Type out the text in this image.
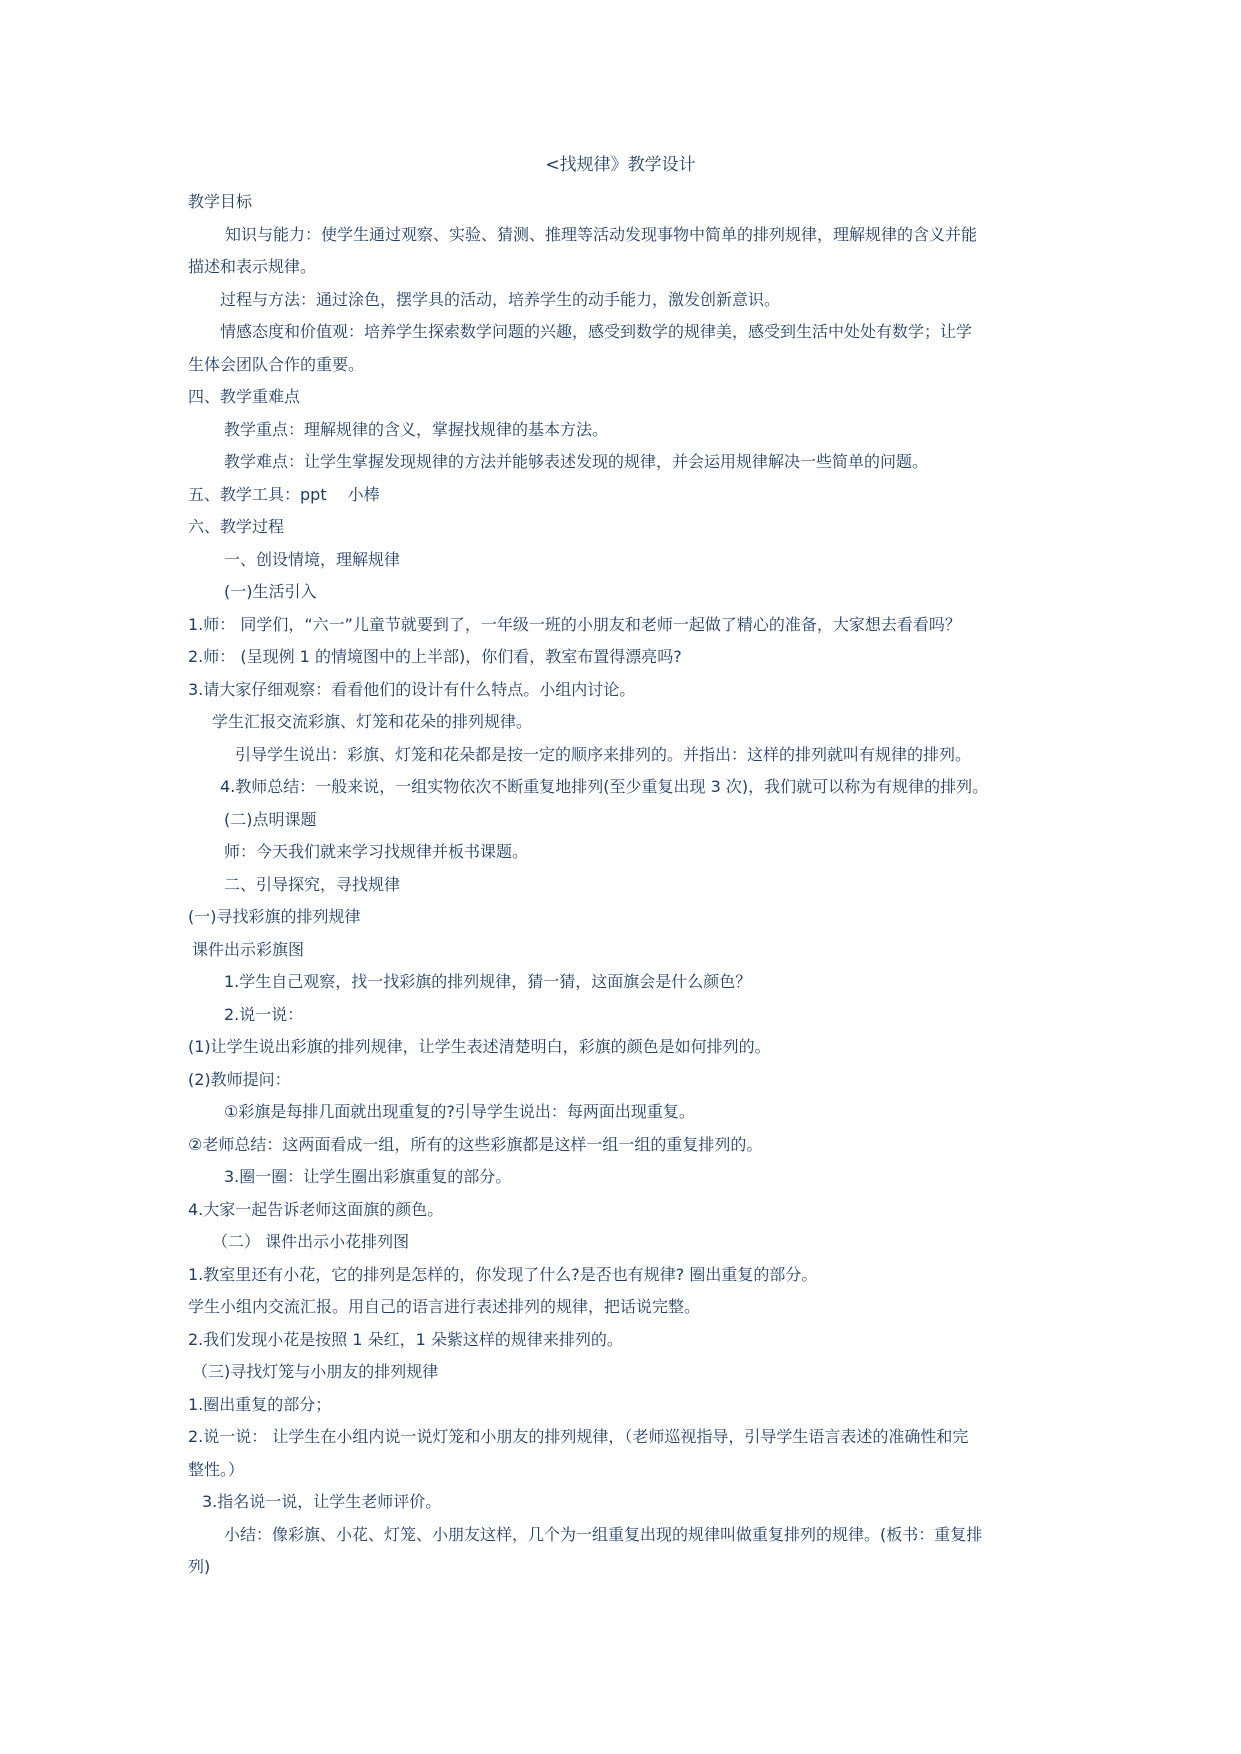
<找规律》教学设计
教学目标
知识与能力：使学生通过观察、实验、猜测、推理等活动发现事物中简单的排列规律，理解规律的含义并能
描述和表示规律。
过程与方法：通过涂色，摆学具的活动，培养学生的动手能力，激发创新意识。
情感态度和价值观：培养学生探索数学问题的兴趣，感受到数学的规律美，感受到生活中处处有数学；让学
生体会团队合作的重要。
四、教学重难点
教学重点：理解规律的含义，掌握找规律的基本方法。
教学难点：让学生掌握发现规律的方法并能够表述发现的规律，并会运用规律解决一些简单的问题。
五、教学工具：ppt　 小棒
六、教学过程
一、创设情境，理解规律
(一)生活引入
1.师： 同学们，“六一”儿童节就要到了，一年级一班的小朋友和老师一起做了精心的准备，大家想去看看吗？
2.师： (呈现例 1 的情境图中的上半部)，你们看，教室布置得漂亮吗?
3.请大家仔细观察：看看他们的设计有什么特点。小组内讨论。
学生汇报交流彩旗、灯笼和花朵的排列规律。
引导学生说出：彩旗、灯笼和花朵都是按一定的顺序来排列的。并指出：这样的排列就叫有规律的排列。
4.教师总结：一般来说，一组实物依次不断重复地排列(至少重复出现 3 次)，我们就可以称为有规律的排列。
(二)点明课题
师：今天我们就来学习找规律并板书课题。
二、引导探究，寻找规律
(一)寻找彩旗的排列规律
课件出示彩旗图
1.学生自己观察，找一找彩旗的排列规律，猜一猜，这面旗会是什么颜色？
2.说一说：
(1)让学生说出彩旗的排列规律，让学生表述清楚明白，彩旗的颜色是如何排列的。
(2)教师提问：
①彩旗是每排几面就出现重复的?引导学生说出：每两面出现重复。
②老师总结：这两面看成一组，所有的这些彩旗都是这样一组一组的重复排列的。
3.圈一圈：让学生圈出彩旗重复的部分。
4.大家一起告诉老师这面旗的颜色。
（二） 课件出示小花排列图
1.教室里还有小花，它的排列是怎样的，你发现了什么?是否也有规律? 圈出重复的部分。
学生小组内交流汇报。用自己的语言进行表述排列的规律，把话说完整。
2.我们发现小花是按照 1 朵红，1 朵紫这样的规律来排列的。
（三)寻找灯笼与小朋友的排列规律
1.圈出重复的部分；
2.说一说： 让学生在小组内说一说灯笼和小朋友的排列规律，（老师巡视指导，引导学生语言表述的准确性和完
整性。）
3.指名说一说，让学生老师评价。
小结：像彩旗、小花、灯笼、小朋友这样，几个为一组重复出现的规律叫做重复排列的规律。(板书：重复排
列)
